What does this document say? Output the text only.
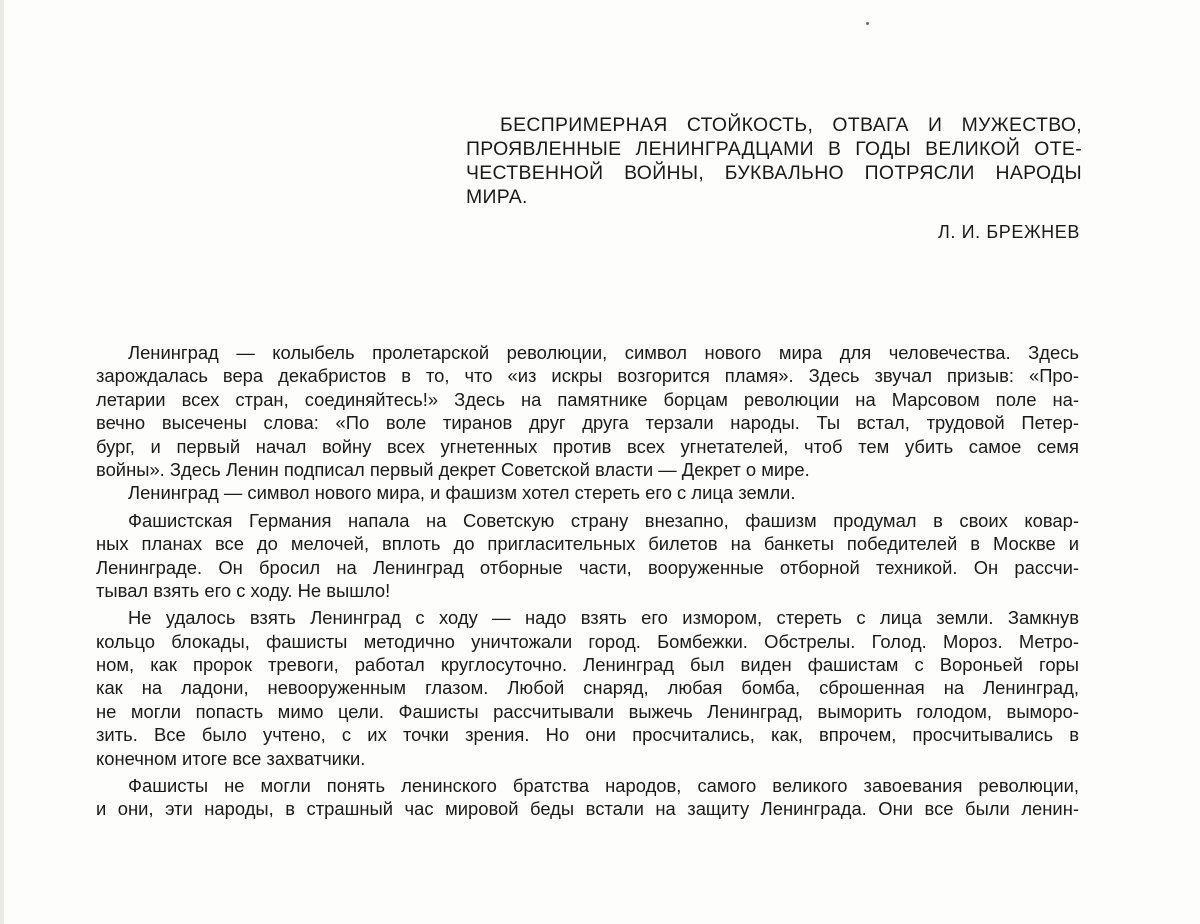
БЕСПРИМЕРНАЯ СТОЙКОСТЬ, ОТВАГА И МУЖЕСТВО,
ПРОЯВЛЕННЫЕ ЛЕНИНГРАДЦАМИ В ГОДЫ ВЕЛИКОЙ ОТЕ-
ЧЕСТВЕННОЙ ВОЙНЫ, БУКВАЛЬНО ПОТРЯСЛИ НАРОДЫ
МИРА.
Л. И. БРЕЖНЕВ
Ленинград — колыбель пролетарской революции, символ нового мира для человечества. Здесь
зарождалась вера декабристов в то, что «из искры возгорится пламя». Здесь звучал призыв: «Про-
летарии всех стран, соединяйтесь!» Здесь на памятнике борцам революции на Марсовом поле на-
вечно высечены слова: «По воле тиранов друг друга терзали народы. Ты встал, трудовой Петер-
бург, и первый начал войну всех угнетенных против всех угнетателей, чтоб тем убить самое семя
войны». Здесь Ленин подписал первый декрет Советской власти — Декрет о мире.
Ленинград — символ нового мира, и фашизм хотел стереть его с лица земли.
Фашистская Германия напала на Советскую страну внезапно, фашизм продумал в своих ковар-
ных планах все до мелочей, вплоть до пригласительных билетов на банкеты победителей в Москве и
Ленинграде. Он бросил на Ленинград отборные части, вооруженные отборной техникой. Он рассчи-
тывал взять его с ходу. Не вышло!
Не удалось взять Ленинград с ходу — надо взять его измором, стереть с лица земли. Замкнув
кольцо блокады, фашисты методично уничтожали город. Бомбежки. Обстрелы. Голод. Мороз. Метро-
ном, как пророк тревоги, работал круглосуточно. Ленинград был виден фашистам с Вороньей горы
как на ладони, невооруженным глазом. Любой снаряд, любая бомба, сброшенная на Ленинград,
не могли попасть мимо цели. Фашисты рассчитывали выжечь Ленинград, выморить голодом, выморо-
зить. Все было учтено, с их точки зрения. Но они просчитались, как, впрочем, просчитывались в
конечном итоге все захватчики.
Фашисты не могли понять ленинского братства народов, самого великого завоевания революции,
и они, эти народы, в страшный час мировой беды встали на защиту Ленинграда. Они все были ленин-
